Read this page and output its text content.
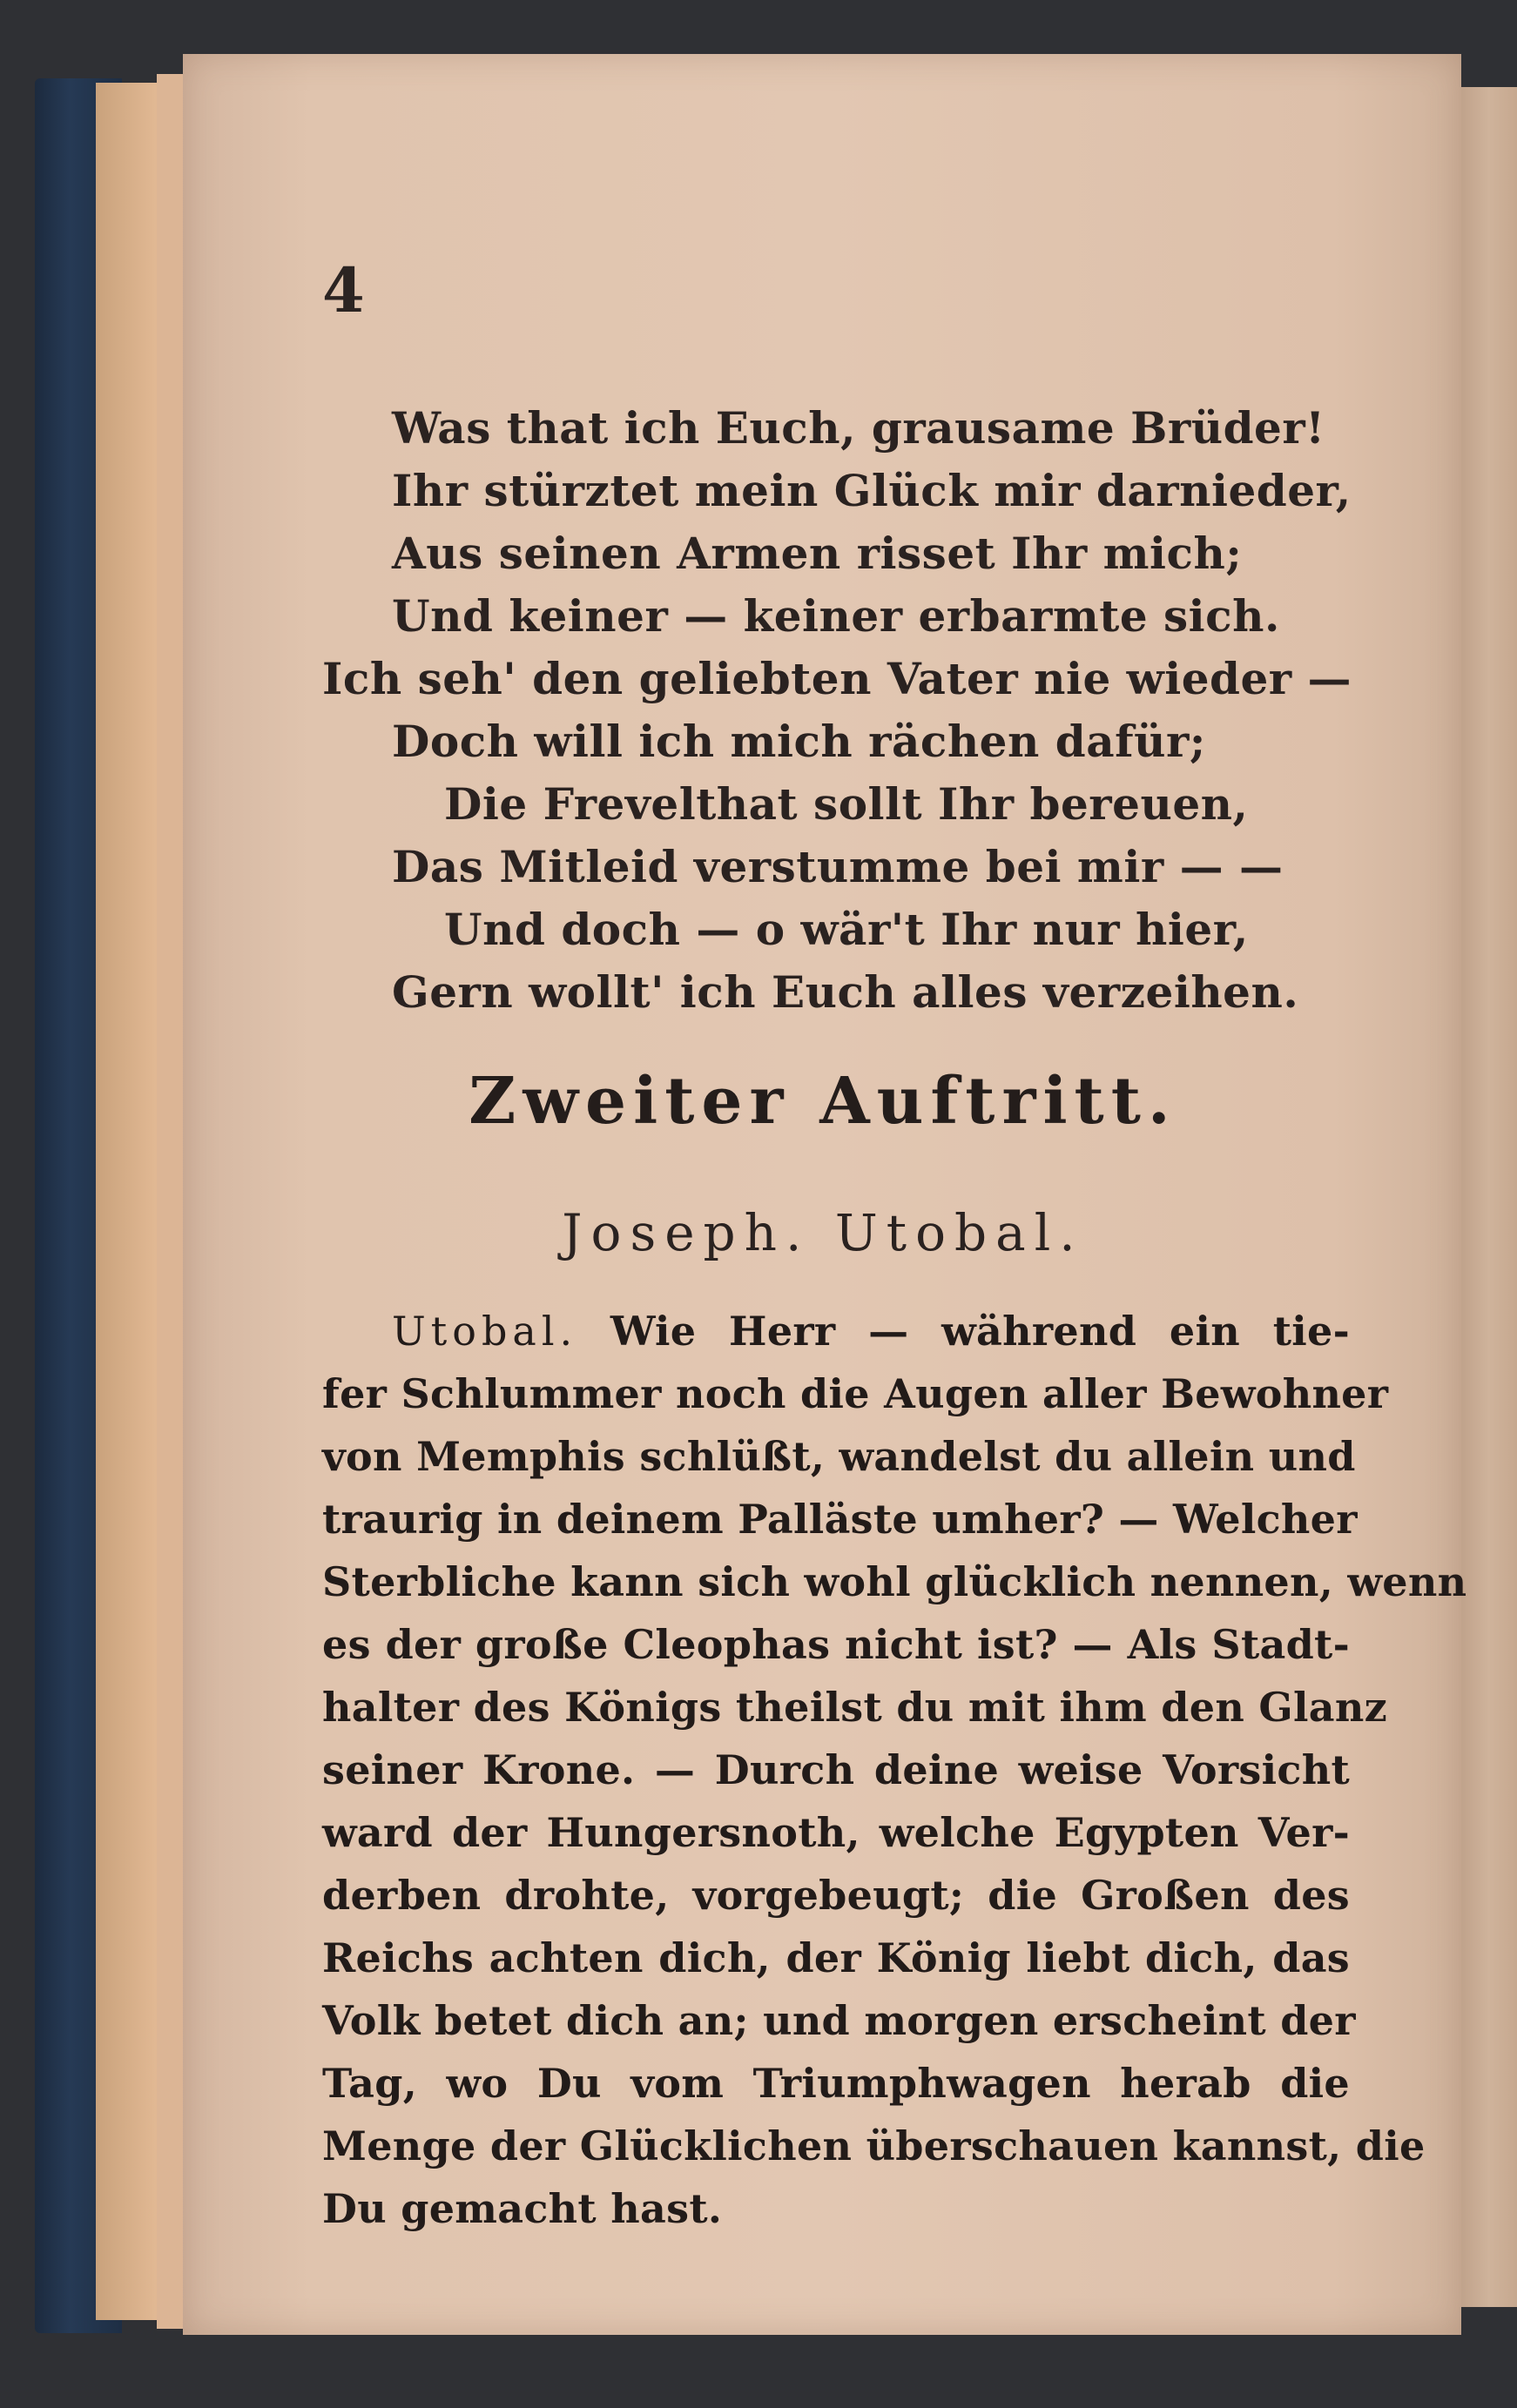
4
Was that ich Euch, grausame Brüder!
Ihr stürztet mein Glück mir darnieder,
Aus seinen Armen risset Ihr mich;
Und keiner — keiner erbarmte sich.
Ich seh' den geliebten Vater nie wieder —
Doch will ich mich rächen dafür;
Die Frevelthat sollt Ihr bereuen,
Das Mitleid verstumme bei mir — —
Und doch — o wär't Ihr nur hier,
Gern wollt' ich Euch alles verzeihen.
Zweiter Auftritt.
Joseph. Utobal.
Utobal. Wie Herr — während ein tie-
fer Schlummer noch die Augen aller Bewohner
von Memphis schlüßt, wandelst du allein und
traurig in deinem Palläste umher? — Welcher
Sterbliche kann sich wohl glücklich nennen, wenn
es der große Cleophas nicht ist? — Als Stadt-
halter des Königs theilst du mit ihm den Glanz
seiner Krone. — Durch deine weise Vorsicht
ward der Hungersnoth, welche Egypten Ver-
derben drohte, vorgebeugt; die Großen des
Reichs achten dich, der König liebt dich, das
Volk betet dich an; und morgen erscheint der
Tag, wo Du vom Triumphwagen herab die
Menge der Glücklichen überschauen kannst, die
Du gemacht hast.
